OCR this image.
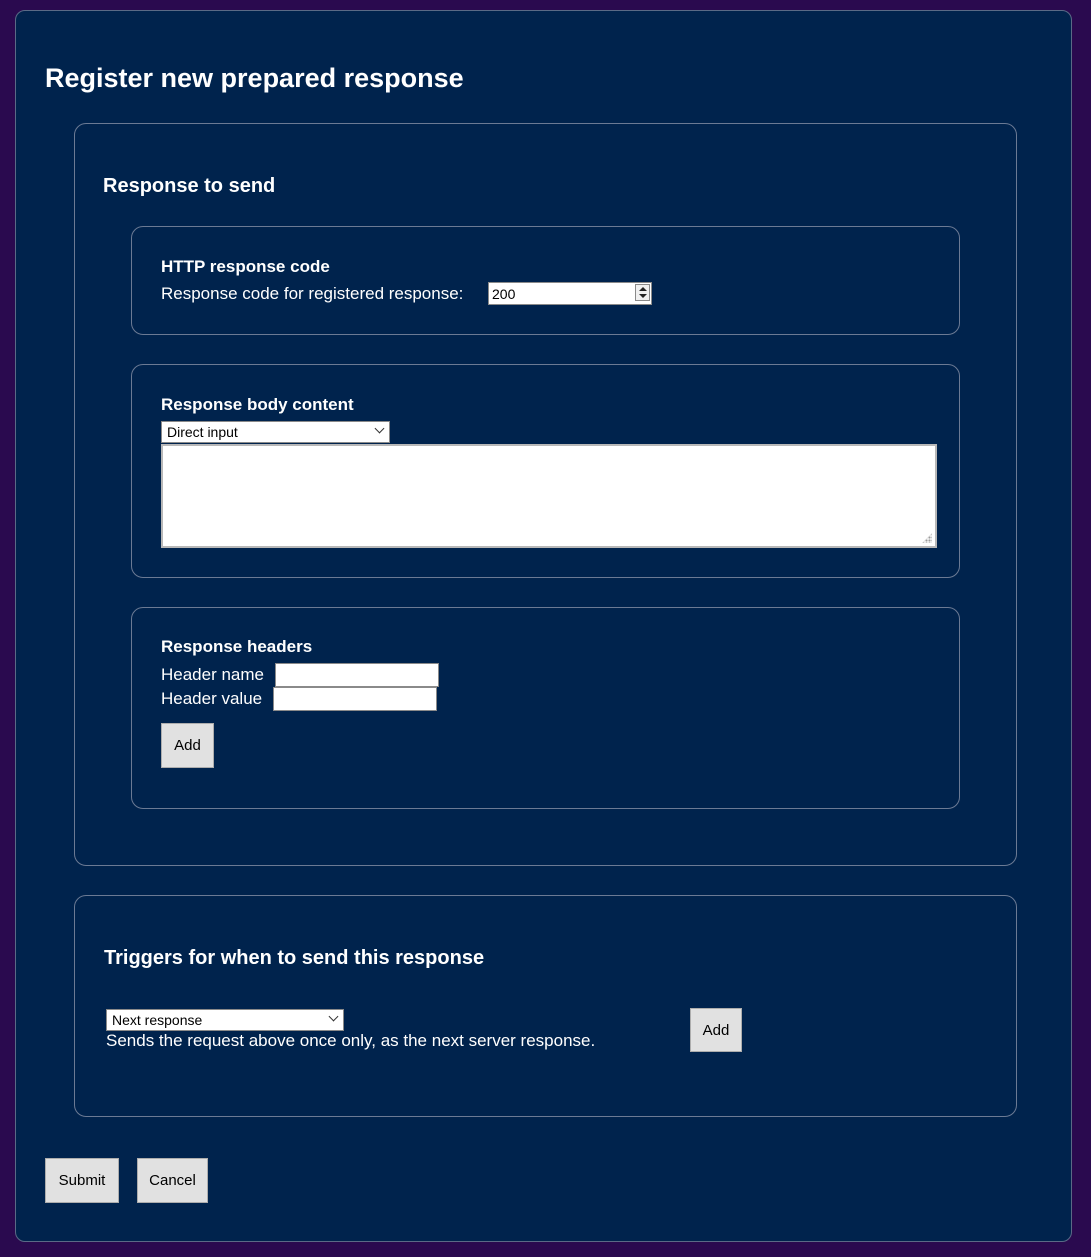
Register new prepared response
Response to send
HTTP response code
Response code for registered response:
200
Response body content
Direct input
Response headers
Header name
Header value
Add
Triggers for when to send this response
Next response
Sends the request above once only, as the next server response.
Add
Submit	Cancel
